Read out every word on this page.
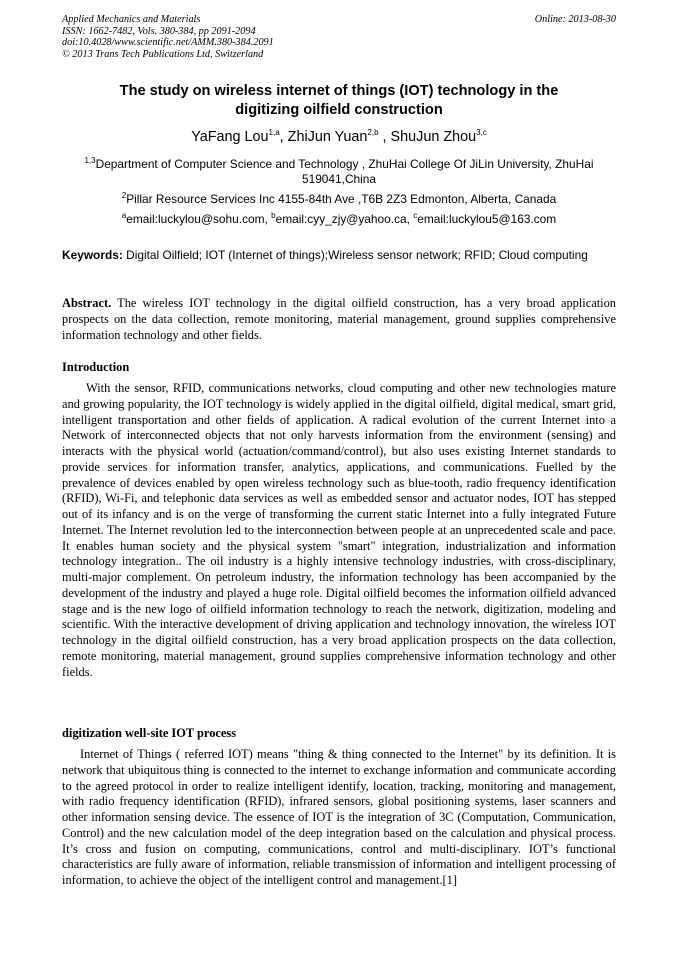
Applied Mechanics and Materials
ISSN: 1662-7482, Vols. 380-384, pp 2091-2094
doi:10.4028/www.scientific.net/AMM.380-384.2091
© 2013 Trans Tech Publications Ltd, Switzerland
Online: 2013-08-30
The study on wireless internet of things (IOT) technology in the
digitizing oilfield construction
YaFang Lou$^{1,a}$, ZhiJun Yuan$^{2,b}$ , ShuJun Zhou$^{3,c}$
$^{1,3}$Department of Computer Science and Technology , ZhuHai College Of JiLin University, ZhuHai 519041,China
$^2$Pillar Resource Services Inc 4155-84th Ave ,T6B 2Z3 Edmonton, Alberta, Canada
$^a$email:luckylou@sohu.com, $^b$email:cyy_zjy@yahoo.ca, $^c$email:luckylou5@163.com
Keywords: Digital Oilfield; IOT (Internet of things);Wireless sensor network; RFID; Cloud computing
Abstract. The wireless IOT technology in the digital oilfield construction, has a very broad application prospects on the data collection, remote monitoring, material management, ground supplies comprehensive information technology and other fields.
Introduction
With the sensor, RFID, communications networks, cloud computing and other new technologies mature and growing popularity, the IOT technology is widely applied in the digital oilfield, digital medical, smart grid, intelligent transportation and other fields of application. A radical evolution of the current Internet into a Network of interconnected objects that not only harvests information from the environment (sensing) and interacts with the physical world (actuation/command/control), but also uses existing Internet standards to provide services for information transfer, analytics, applications, and communications. Fuelled by the prevalence of devices enabled by open wireless technology such as blue-tooth, radio frequency identification (RFID), Wi-Fi, and telephonic data services as well as embedded sensor and actuator nodes, IOT has stepped out of its infancy and is on the verge of transforming the current static Internet into a fully integrated Future Internet. The Internet revolution led to the interconnection between people at an unprecedented scale and pace. It enables human society and the physical system "smart" integration, industrialization and information technology integration.. The oil industry is a highly intensive technology industries, with cross-disciplinary, multi-major complement. On petroleum industry, the information technology has been accompanied by the development of the industry and played a huge role. Digital oilfield becomes the information oilfield advanced stage and is the new logo of oilfield information technology to reach the network, digitization, modeling and scientific. With the interactive development of driving application and technology innovation, the wireless IOT technology in the digital oilfield construction, has a very broad application prospects on the data collection, remote monitoring, material management, ground supplies comprehensive information technology and other fields.
digitization well-site IOT process
Internet of Things ( referred IOT) means "thing & thing connected to the Internet" by its definition. It is network that ubiquitous thing is connected to the internet to exchange information and communicate according to the agreed protocol in order to realize intelligent identify, location, tracking, monitoring and management, with radio frequency identification (RFID), infrared sensors, global positioning systems, laser scanners and other information sensing device. The essence of IOT is the integration of 3C (Computation, Communication, Control) and the new calculation model of the deep integration based on the calculation and physical process. It’s cross and fusion on computing, communications, control and multi-disciplinary. IOT’s functional characteristics are fully aware of information, reliable transmission of information and intelligent processing of information, to achieve the object of the intelligent control and management.[1]
